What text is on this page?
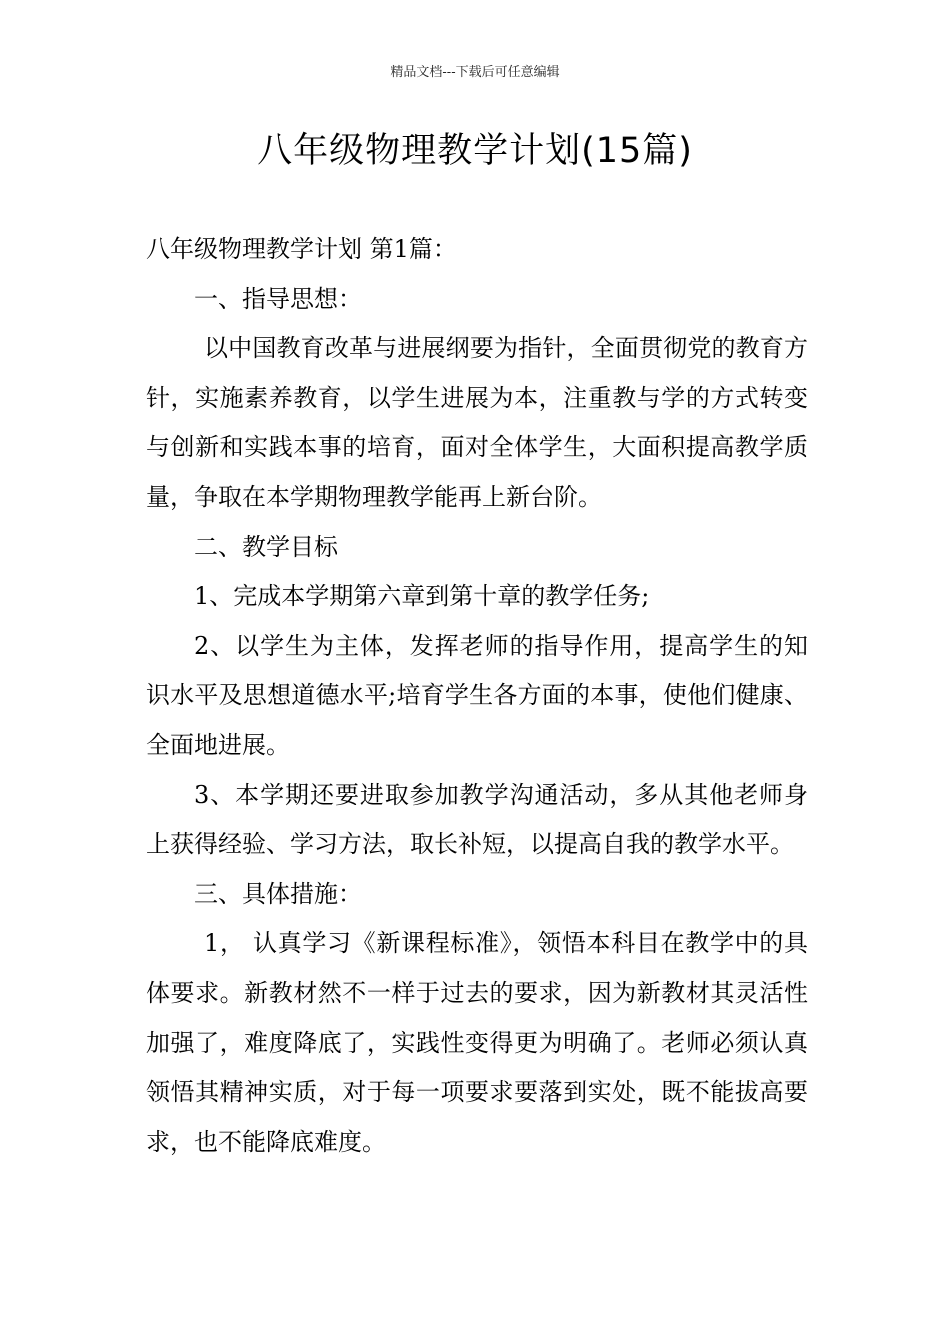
精品文档---下载后可任意编辑
八年级物理教学计划(15篇)

八年级物理教学计划 第1篇：

一、指导思想：

以中国教育改革与进展纲要为指针，全面贯彻党的教育方针，实施素养教育，以学生进展为本，注重教与学的方式转变与创新和实践本事的培育，面对全体学生，大面积提高教学质量，争取在本学期物理教学能再上新台阶。

二、教学目标

1、完成本学期第六章到第十章的教学任务;

2、以学生为主体，发挥老师的指导作用，提高学生的知识水平及思想道德水平;培育学生各方面的本事，使他们健康、全面地进展。

3、本学期还要进取参加教学沟通活动，多从其他老师身上获得经验、学习方法，取长补短，以提高自我的教学水平。

三、具体措施：

1， 认真学习《新课程标准》，领悟本科目在教学中的具体要求。新教材然不一样于过去的要求，因为新教材其灵活性加强了，难度降底了，实践性变得更为明确了。老师必须认真领悟其精神实质，对于每一项要求要落到实处，既不能拔高要求，也不能降底难度。
